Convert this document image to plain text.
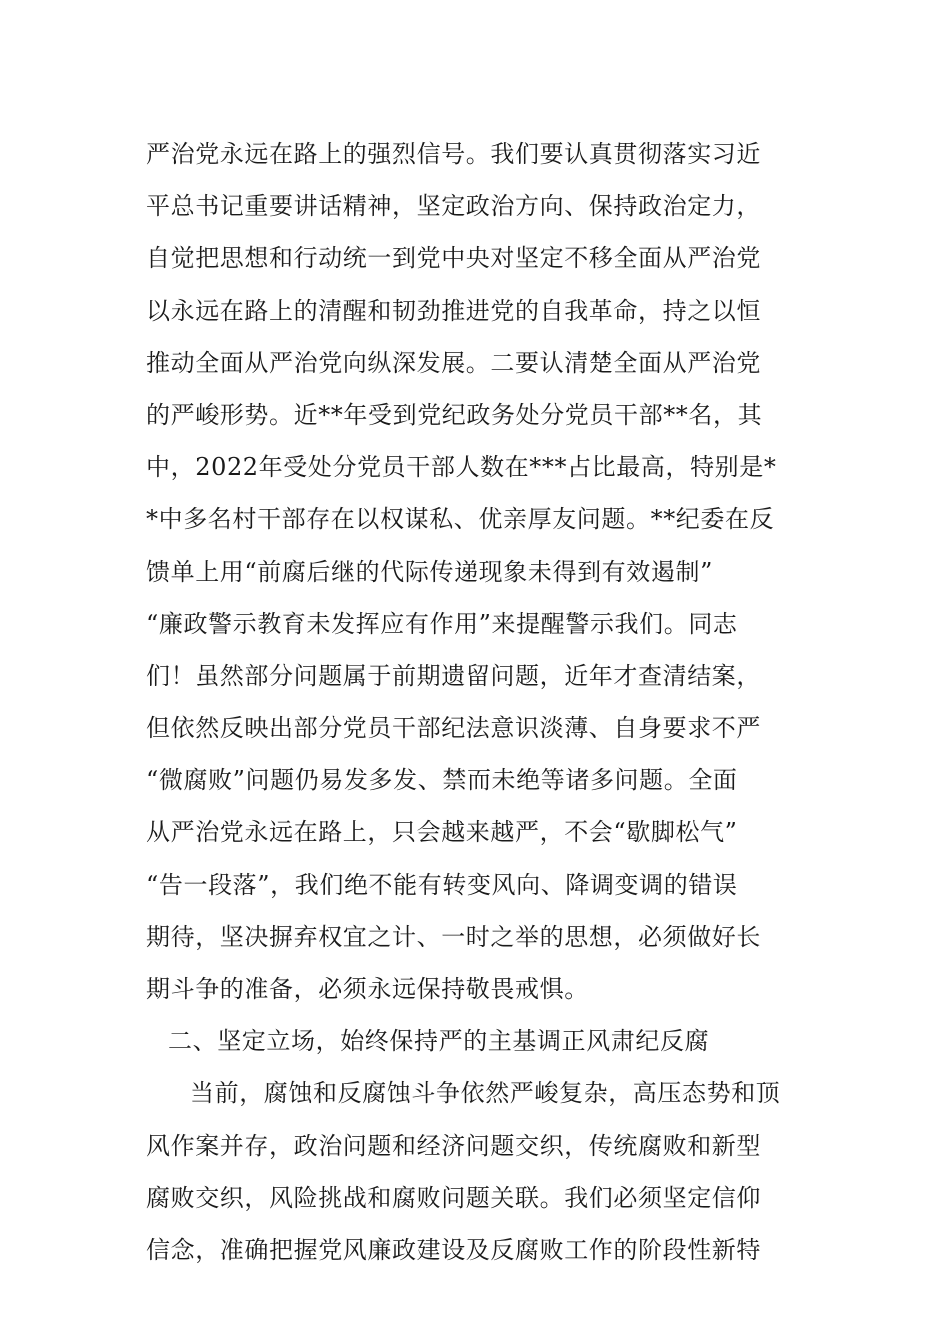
严治党永远在路上的强烈信号。我们要认真贯彻落实习近
平总书记重要讲话精神，坚定政治方向、保持政治定力，
自觉把思想和行动统一到党中央对坚定不移全面从严治党
以永远在路上的清醒和韧劲推进党的自我革命，持之以恒
推动全面从严治党向纵深发展。二要认清楚全面从严治党
的严峻形势。近**年受到党纪政务处分党员干部**名，其
中，2022年受处分党员干部人数在***占比最高，特别是*
*中多名村干部存在以权谋私、优亲厚友问题。**纪委在反
馈单上用“前腐后继的代际传递现象未得到有效遏制”
“廉政警示教育未发挥应有作用”来提醒警示我们。同志
们！虽然部分问题属于前期遗留问题，近年才查清结案，
但依然反映出部分党员干部纪法意识淡薄、自身要求不严
“微腐败”问题仍易发多发、禁而未绝等诸多问题。全面
从严治党永远在路上，只会越来越严，不会“歇脚松气”
“告一段落”，我们绝不能有转变风向、降调变调的错误
期待，坚决摒弃权宜之计、一时之举的思想，必须做好长
期斗争的准备，必须永远保持敬畏戒惧。
二、坚定立场，始终保持严的主基调正风肃纪反腐
当前，腐蚀和反腐蚀斗争依然严峻复杂，高压态势和顶
风作案并存，政治问题和经济问题交织，传统腐败和新型
腐败交织，风险挑战和腐败问题关联。我们必须坚定信仰
信念，准确把握党风廉政建设及反腐败工作的阶段性新特
